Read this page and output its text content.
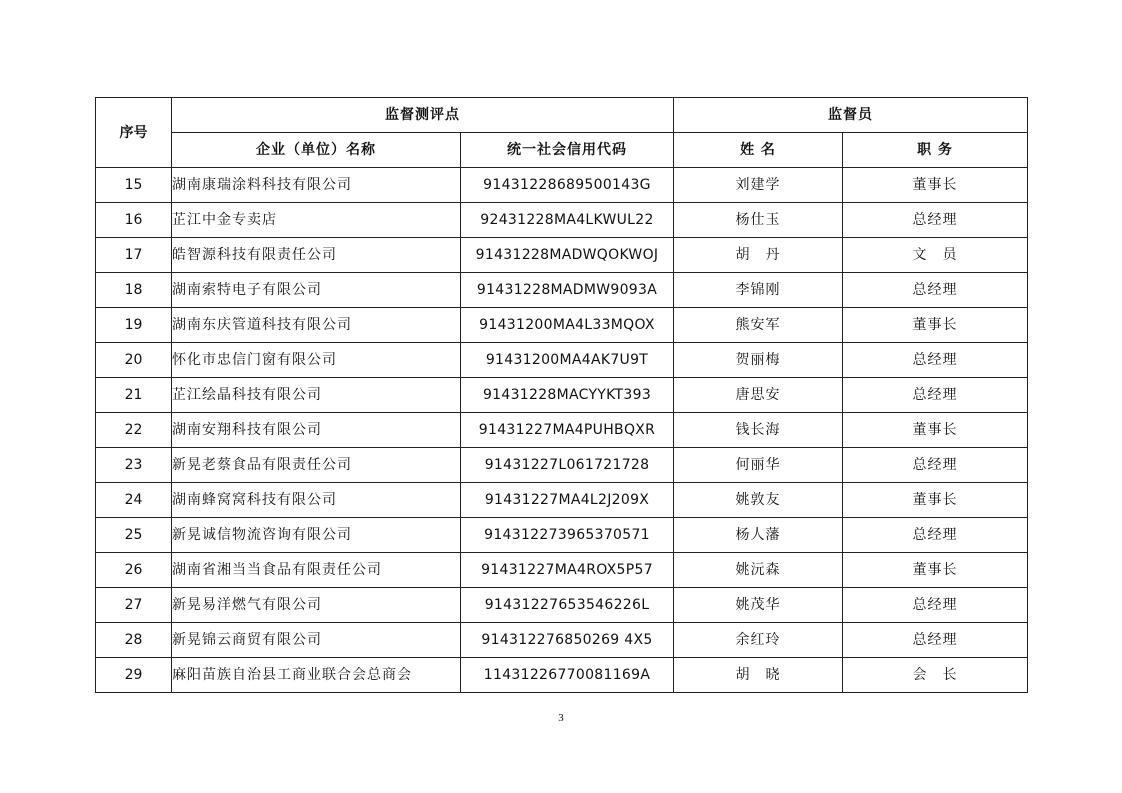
序号	监督测评点		监督员	
	企业（单位）名称	统一社会信用代码	姓 名	职 务
15	湖南康瑞涂料科技有限公司	91431228689500143G	刘建学	董事长
16	芷江中金专卖店	92431228MA4LKWUL22	杨仕玉	总经理
17	皓智源科技有限责任公司	91431228MADWQOKWOJ	胡　丹	文　员
18	湖南索特电子有限公司	91431228MADMW9093A	李锦刚	总经理
19	湖南东庆管道科技有限公司	91431200MA4L33MQOX	熊安军	董事长
20	怀化市忠信门窗有限公司	91431200MA4AK7U9T	贺丽梅	总经理
21	芷江绘晶科技有限公司	91431228MACYYKT393	唐思安	总经理
22	湖南安翔科技有限公司	91431227MA4PUHBQXR	钱长海	董事长
23	新晃老蔡食品有限责任公司	91431227L061721728	何丽华	总经理
24	湖南蜂窝窝科技有限公司	91431227MA4L2J209X	姚敦友	董事长
25	新晃诚信物流咨询有限公司	914312273965370571	杨人藩	总经理
26	湖南省湘当当食品有限责任公司	91431227MA4ROX5P57	姚沅森	董事长
27	新晃易洋燃气有限公司	91431227653546226L	姚茂华	总经理
28	新晃锦云商贸有限公司	914312276850269 4X5	余红玲	总经理
29	麻阳苗族自治县工商业联合会总商会	11431226770081169A	胡　晓	会　长
3
